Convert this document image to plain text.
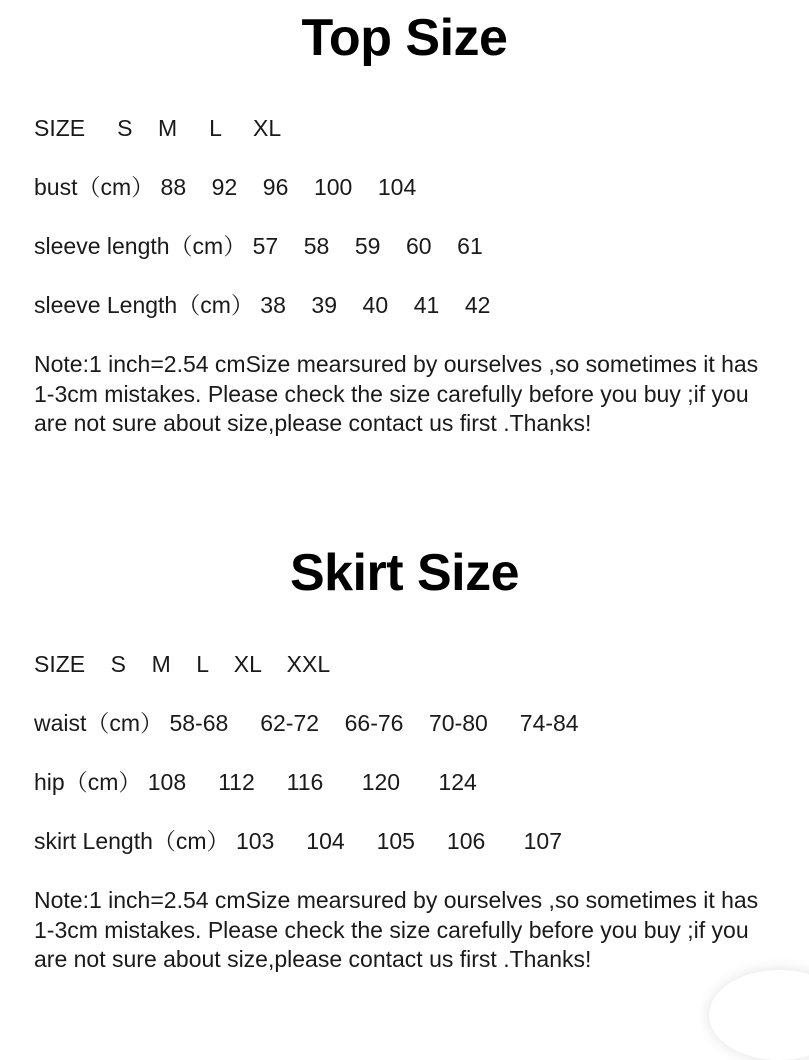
Top Size
SIZE     S    M     L     XL
bust（cm） 88    92    96    100    104
sleeve length（cm） 57    58    59    60    61
sleeve Length（cm） 38    39    40    41    42
Note:1 inch=2.54 cmSize mearsured by ourselves ,so sometimes it has 1-3cm mistakes. Please check the size carefully before you buy ;if you are not sure about size,please contact us first .Thanks!
Skirt Size
SIZE    S    M    L    XL    XXL
waist（cm） 58-68     62-72    66-76    70-80     74-84
hip（cm） 108     112     116      120      124
skirt Length（cm） 103     104     105     106      107
Note:1 inch=2.54 cmSize mearsured by ourselves ,so sometimes it has 1-3cm mistakes. Please check the size carefully before you buy ;if you are not sure about size,please contact us first .Thanks!
